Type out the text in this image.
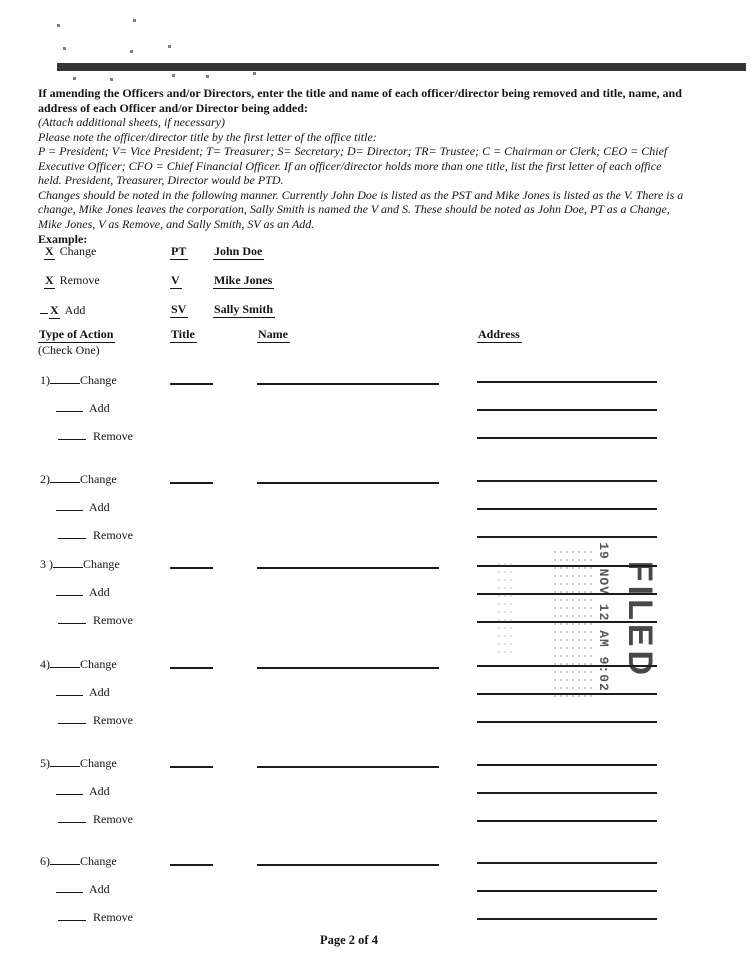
If amending the Officers and/or Directors, enter the title and name of each officer/director being removed and title, name, and
address of each Officer and/or Director being added:
(Attach additional sheets, if necessary)
Please note the officer/director title by the first letter of the office title:
P = President; V= Vice President; T= Treasurer; S= Secretary; D= Director; TR= Trustee; C = Chairman or Clerk; CEO = Chief
Executive Officer; CFO = Chief Financial Officer. If an officer/director holds more than one title, list the first letter of each office
held. President, Treasurer, Director would be PTD.
Changes should be noted in the following manner. Currently John Doe is listed as the PST and Mike Jones is listed as the V. There is a
change, Mike Jones leaves the corporation, Sally Smith is named the V and S. These should be noted as John Doe, PT as a Change,
Mike Jones, V as Remove, and Sally Smith, SV as an Add.
Example:
X Change	PT John Doe
X Remove	V	Mike Jones
X Add	SV Sally Smith
Type of Action
(Check One)
Title	Name	Address
1)	Change
Add
Remove
2)	Change
Add
Remove
3 )	Change
Add
Remove
4)	Change
Add
Remove
5)	Change
Add
Remove
6)	Change
Add
Remove
19 NOV 12 AM 9:02 FILED
Page 2 of 4
